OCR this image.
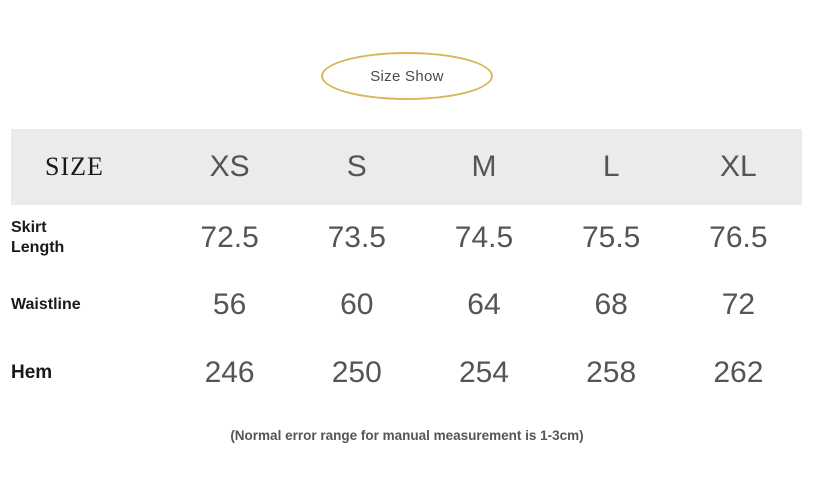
Size Show
SIZE	XS	S	M	L	XL
Skirt
Length	72.5	73.5	74.5	75.5	76.5
Waistline	56	60	64	68	72
Hem	246	250	254	258	262
(Normal error range for manual measurement is 1-3cm)
